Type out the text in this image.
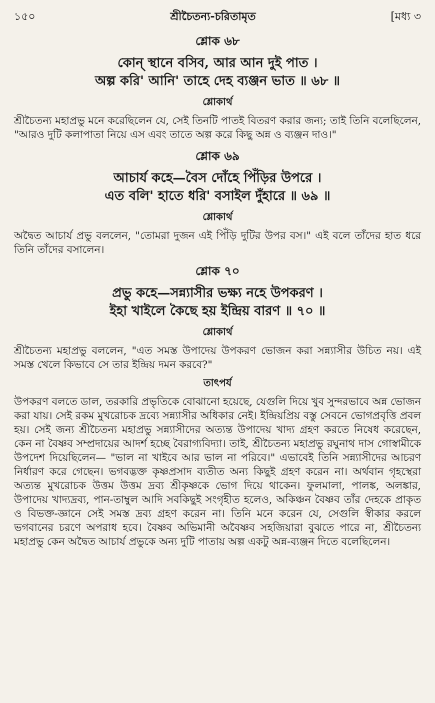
১৫০	শ্রীচৈতন্য-চরিতামৃত	[মধ্য ৩
শ্লোক ৬৮
কোন্ স্থানে বসিব, আর আন দুই পাত ।
অল্প করি' আনি' তাহে দেহ ব্যঞ্জন ভাত ॥ ৬৮ ॥
শ্লোকার্থ
শ্রীচৈতন্য মহাপ্রভু মনে করেছিলেন যে, সেই তিনটি পাতই বিতরণ করার জন্য; তাই তিনি বলেছিলেন, "আরও দুটি কলাপাতা নিয়ে এস এবং তাতে অল্প করে কিছু অন্ন ও ব্যঞ্জন দাও।"
শ্লোক ৬৯
আচার্য কহে—বৈস দোঁহে পিঁড়ির উপরে ।
এত বলি' হাতে ধরি' বসাইল দুঁহারে ॥ ৬৯ ॥
শ্লোকার্থ
অদ্বৈত আচার্য প্রভু বললেন, "তোমরা দুজন এই পিঁড়ি দুটির উপর বস।" এই বলে তাঁদের হাত ধরে তিনি তাঁদের বসালেন।
শ্লোক ৭০
প্রভু কহে—সন্ন্যাসীর ভক্ষ্য নহে উপকরণ ।
ইহা খাইলে কৈছে হয় ইন্দ্রিয় বারণ ॥ ৭০ ॥
শ্লোকার্থ
শ্রীচৈতন্য মহাপ্রভু বললেন, "এত সমস্ত উপাদেয় উপকরণ ভোজন করা সন্ন্যাসীর উচিত নয়। এই সমস্ত খেলে কিভাবে সে তার ইন্দ্রিয় দমন করবে?"
তাৎপর্য
উপকরণ বলতে ডাল, তরকারি প্রভৃতিকে বোঝানো হয়েছে, যেগুলি দিয়ে খুব সুন্দরভাবে অন্ন ভোজন করা যায়। সেই রকম মুখরোচক দ্রব্যে সন্ন্যাসীর অধিকার নেই। ইন্দ্রিয়প্রিয় বস্তু সেবনে ভোগপ্রবৃত্তি প্রবল হয়। সেই জন্য শ্রীচৈতন্য মহাপ্রভু সন্ন্যাসীদের অত্যন্ত উপাদেয় খাদ্য গ্রহণ করতে নিষেধ করেছেন, কেন না বৈষ্ণব সম্প্রদায়ের আদর্শ হচ্ছে বৈরাগ্যবিদ্যা। তাই, শ্রীচৈতন্য মহাপ্রভু রঘুনাথ দাস গোস্বামীকে উপদেশ দিয়েছিলেন— "ভাল না খাইবে আর ভাল না পরিবে।" এভাবেই তিনি সন্ন্যাসীদের আচরণ নির্ধারণ করে গেছেন। ভগবদ্ভক্ত কৃষ্ণপ্রসাদ ব্যতীত অন্য কিছুই গ্রহণ করেন না। অর্থবান গৃহস্থেরা অত্যন্ত মুখরোচক উত্তম উত্তম দ্রব্য শ্রীকৃষ্ণকে ভোগ দিয়ে থাকেন। ফুলমালা, পালঙ্ক, অলঙ্কার, উপাদেয় খাদ্যদ্রব্য, পান-তাম্বুল আদি সবকিছুই সংগৃহীত হলেও, অকিঞ্চন বৈষ্ণব তাঁর দেহকে প্রাকৃত ও বিভক্ত-জ্ঞানে সেই সমস্ত দ্রব্য গ্রহণ করেন না। তিনি মনে করেন যে, সেগুলি স্বীকার করলে ভগবানের চরণে অপরাধ হবে। বৈষ্ণব অভিমানী অবৈষ্ণব সহজিয়ারা বুঝতে পারে না, শ্রীচৈতন্য মহাপ্রভু কেন অদ্বৈত আচার্য প্রভুকে অন্য দুটি পাতায় অল্প একটু অন্ন-ব্যঞ্জন দিতে বলেছিলেন।
